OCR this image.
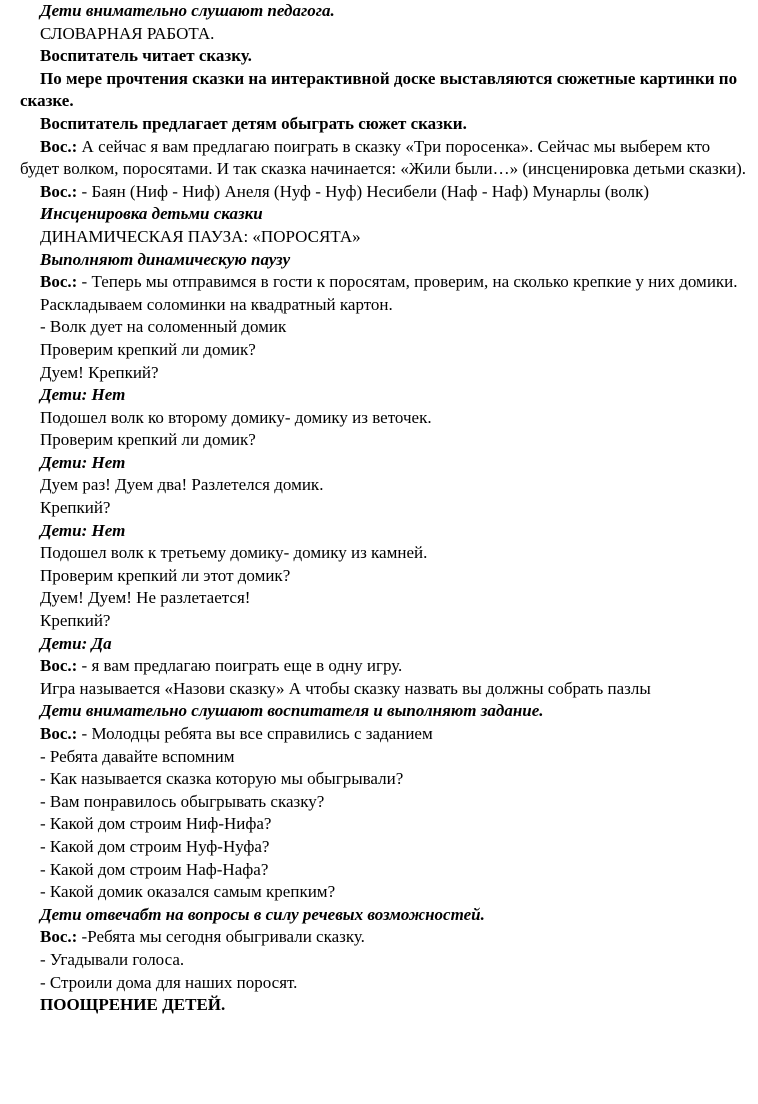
Дети внимательно слушают педагога.

СЛОВАРНАЯ РАБОТА.

Воспитатель читает сказку.

По мере прочтения сказки на интерактивной доске выставляются сюжетные картинки по сказке.

Воспитатель предлагает детям обыграть сюжет сказки.

Вос.: А сейчас я вам предлагаю поиграть в сказку «Три поросенка». Сейчас мы выберем кто будет волком, поросятами. И так сказка начинается: «Жили были…» (инсценировка детьми сказки).

Вос.: - Баян (Ниф - Ниф) Анеля (Нуф - Нуф) Несибели (Наф - Наф) Мунарлы (волк)

Инсценировка детьми сказки

ДИНАМИЧЕСКАЯ ПАУЗА: «ПОРОСЯТА»

Выполняют динамическую паузу

Вос.: - Теперь мы отправимся в гости к поросятам, проверим, на сколько крепкие у них домики.

Раскладываем соломинки на квадратный картон.

- Волк дует на соломенный домик

Проверим крепкий ли домик?

Дуем! Крепкий?

Дети: Нет

Подошел волк ко второму домику- домику из веточек.

Проверим крепкий ли домик?

Дети: Нет

Дуем раз! Дуем два! Разлетелся домик.

Крепкий?

Дети: Нет

Подошел волк к третьему домику- домику из камней.

Проверим крепкий ли этот домик?

Дуем! Дуем! Не разлетается!

Крепкий?

Дети: Да

Вос.: - я вам предлагаю поиграть еще в одну игру.

Игра называется «Назови сказку» А чтобы сказку назвать вы должны собрать пазлы

Дети внимательно слушают воспитателя и выполняют задание.

Вос.: - Молодцы ребята вы все справились с заданием

- Ребята давайте вспомним

- Как называется сказка которую мы обыгрывали?

- Вам понравилось обыгрывать сказку?

- Какой дом строим Ниф-Нифа?

- Какой дом строим Нуф-Нуфа?

- Какой дом строим Наф-Нафа?

- Какой домик оказался самым крепким?

Дети отвечабт на вопросы в силу речевых возможностей.

Вос.: -Ребята мы сегодня обыгривали сказку.

- Угадывали голоса.

- Строили дома для наших поросят.

ПООЩРЕНИЕ ДЕТЕЙ.
